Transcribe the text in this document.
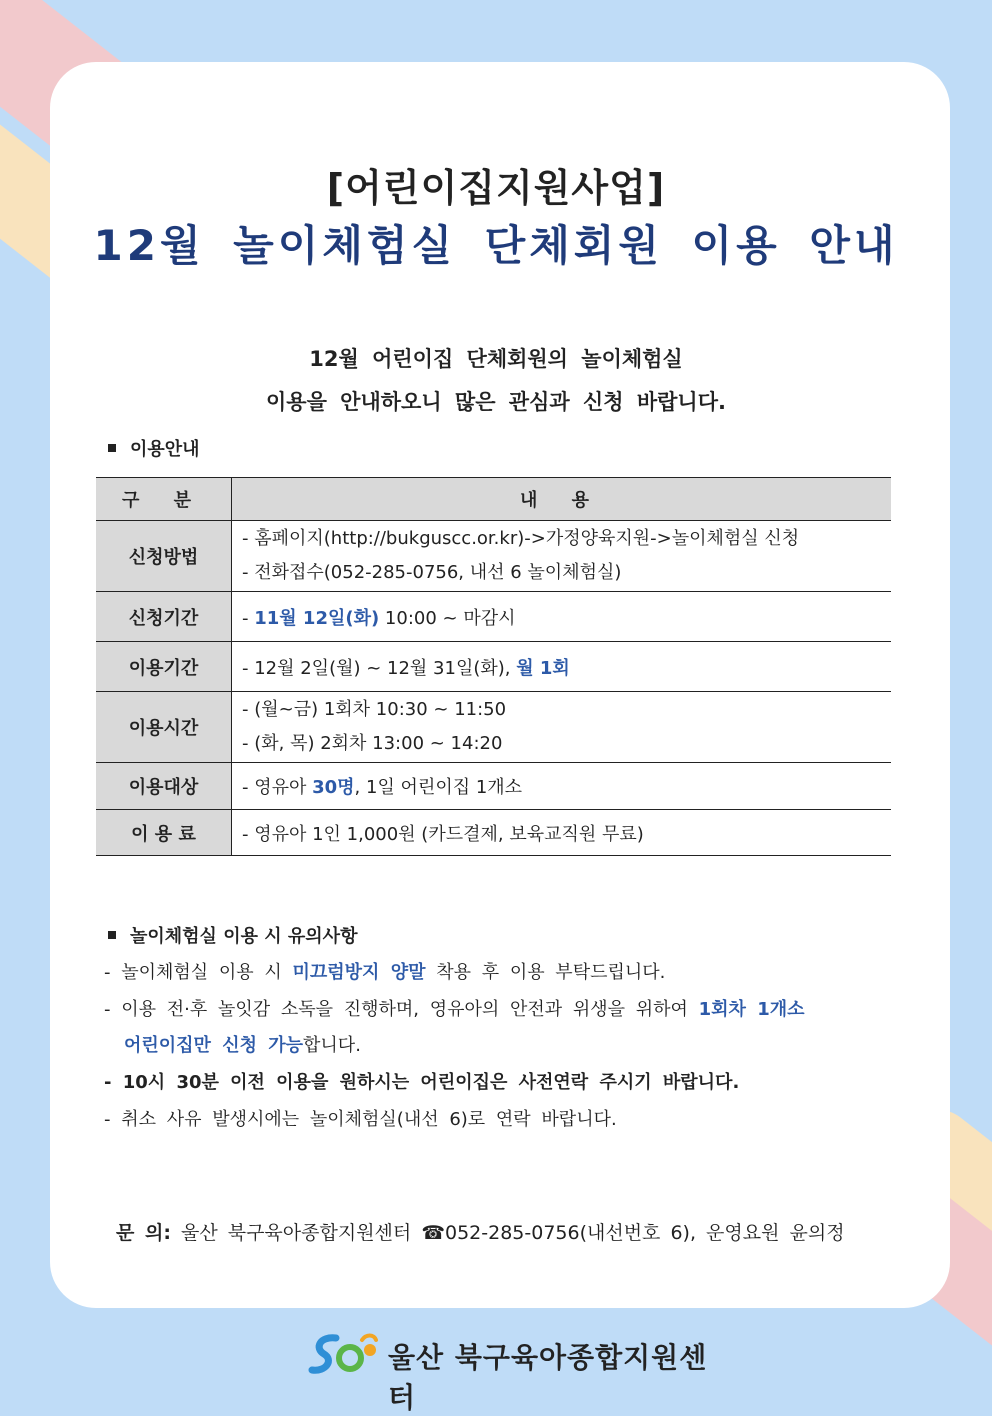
[어린이집지원사업]
12월 놀이체험실 단체회원 이용 안내
12월 어린이집 단체회원의 놀이체험실
이용을 안내하오니 많은 관심과 신청 바랍니다.
이용안내
구 분	내 용
신청방법	- 홈페이지(http://bukguscc.or.kr)->가정양육지원->놀이체험실 신청
- 전화접수(052-285-0756, 내선 6 놀이체험실)

신청기간	- 11월 12일(화) 10:00 ~ 마감시
이용기간	- 12월 2일(월) ~ 12월 31일(화), 월 1회
이용시간	- (월~금) 1회차 10:30 ~ 11:50
- (화, 목) 2회차 13:00 ~ 14:20

이용대상	- 영유아 30명, 1일 어린이집 1개소
이 용 료	- 영유아 1인 1,000원 (카드결제, 보육교직원 무료)
놀이체험실 이용 시 유의사항
- 놀이체험실 이용 시 미끄럼방지 양말 착용 후 이용 부탁드립니다.
- 이용 전·후 놀잇감 소독을 진행하며, 영유아의 안전과 위생을 위하여 1회차 1개소
어린이집만 신청 가능합니다.
- 10시 30분 이전 이용을 원하시는 어린이집은 사전연락 주시기 바랍니다.
- 취소 사유 발생시에는 놀이체험실(내선 6)로 연락 바랍니다.
문 의: 울산 북구육아종합지원센터 ☎052-285-0756(내선번호 6), 운영요원 윤의정
울산 북구육아종합지원센터
